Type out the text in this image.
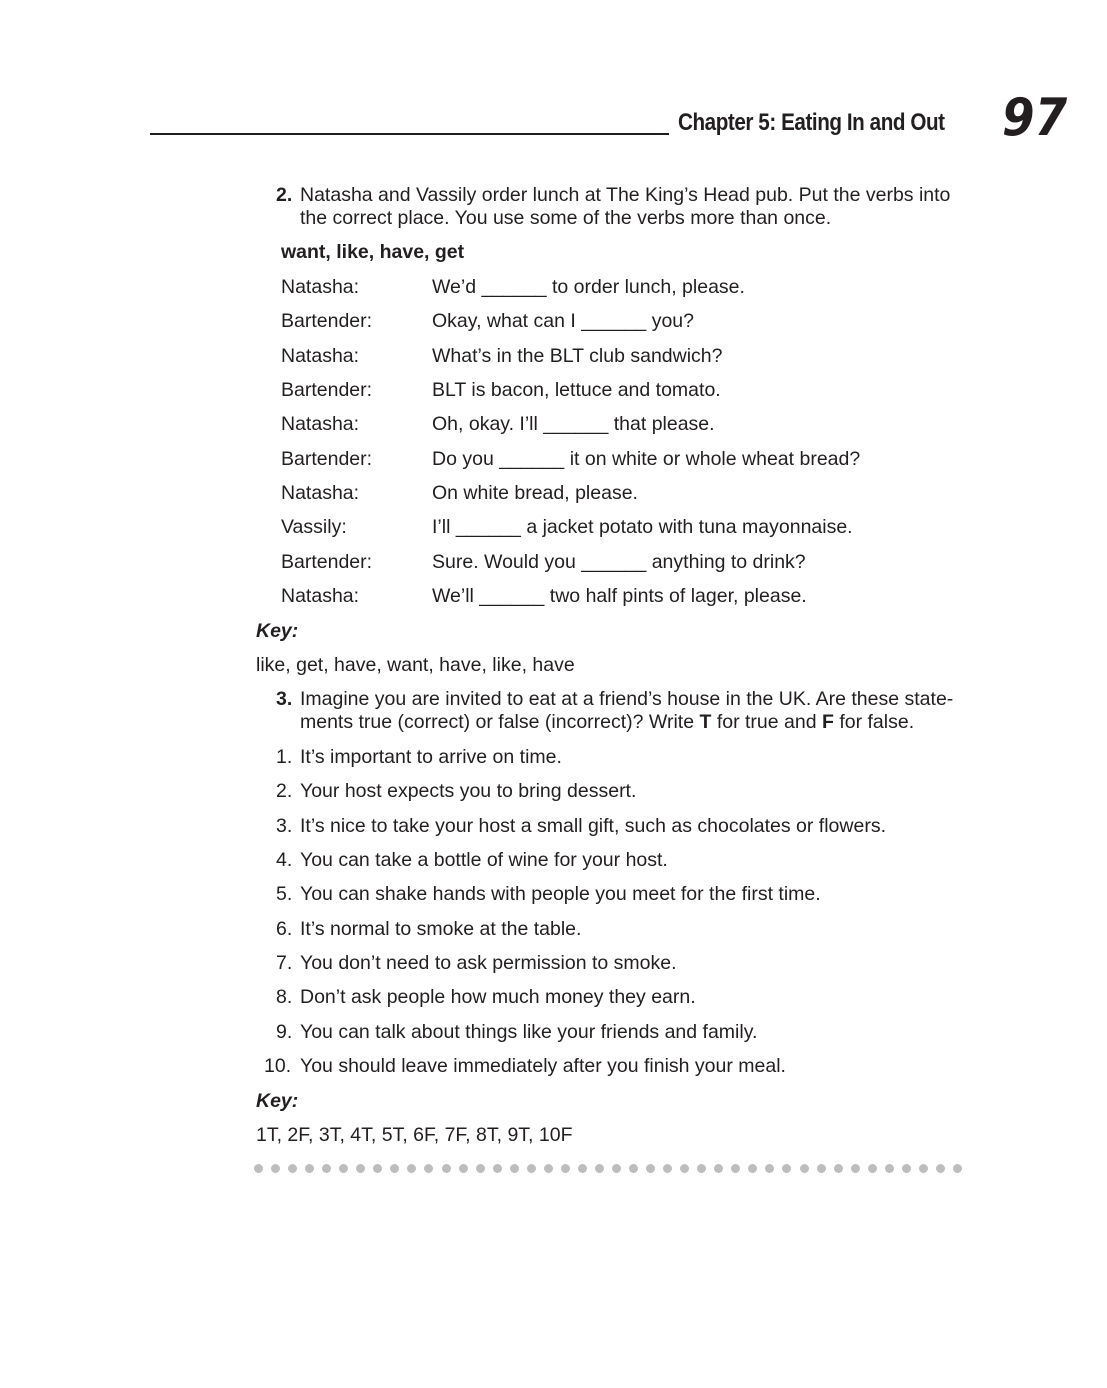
Chapter 5: Eating In and Out 97
2. Natasha and Vassily order lunch at The King’s Head pub. Put the verbs into
the correct place. You use some of the verbs more than once.
want, like, have, get
Natasha:	We’d ______ to order lunch, please.
Bartender:	Okay, what can I ______ you?
Natasha:	What’s in the BLT club sandwich?
Bartender:	BLT is bacon, lettuce and tomato.
Natasha:	Oh, okay. I’ll ______ that please.
Bartender:	Do you ______ it on white or whole wheat bread?
Natasha:	On white bread, please.
Vassily:	I’ll ______ a jacket potato with tuna mayonnaise.
Bartender:	Sure. Would you ______ anything to drink?
Natasha:	We’ll ______ two half pints of lager, please.
Key:
like, get, have, want, have, like, have
3. Imagine you are invited to eat at a friend’s house in the UK. Are these state-
ments true (correct) or false (incorrect)? Write T for true and F for false.
1. It’s important to arrive on time.
2. Your host expects you to bring dessert.
3. It’s nice to take your host a small gift, such as chocolates or flowers.
4. You can take a bottle of wine for your host.
5. You can shake hands with people you meet for the first time.
6. It’s normal to smoke at the table.
7. You don’t need to ask permission to smoke.
8. Don’t ask people how much money they earn.
9. You can talk about things like your friends and family.
10. You should leave immediately after you finish your meal.
Key:
1T, 2F, 3T, 4T, 5T, 6F, 7F, 8T, 9T, 10F
